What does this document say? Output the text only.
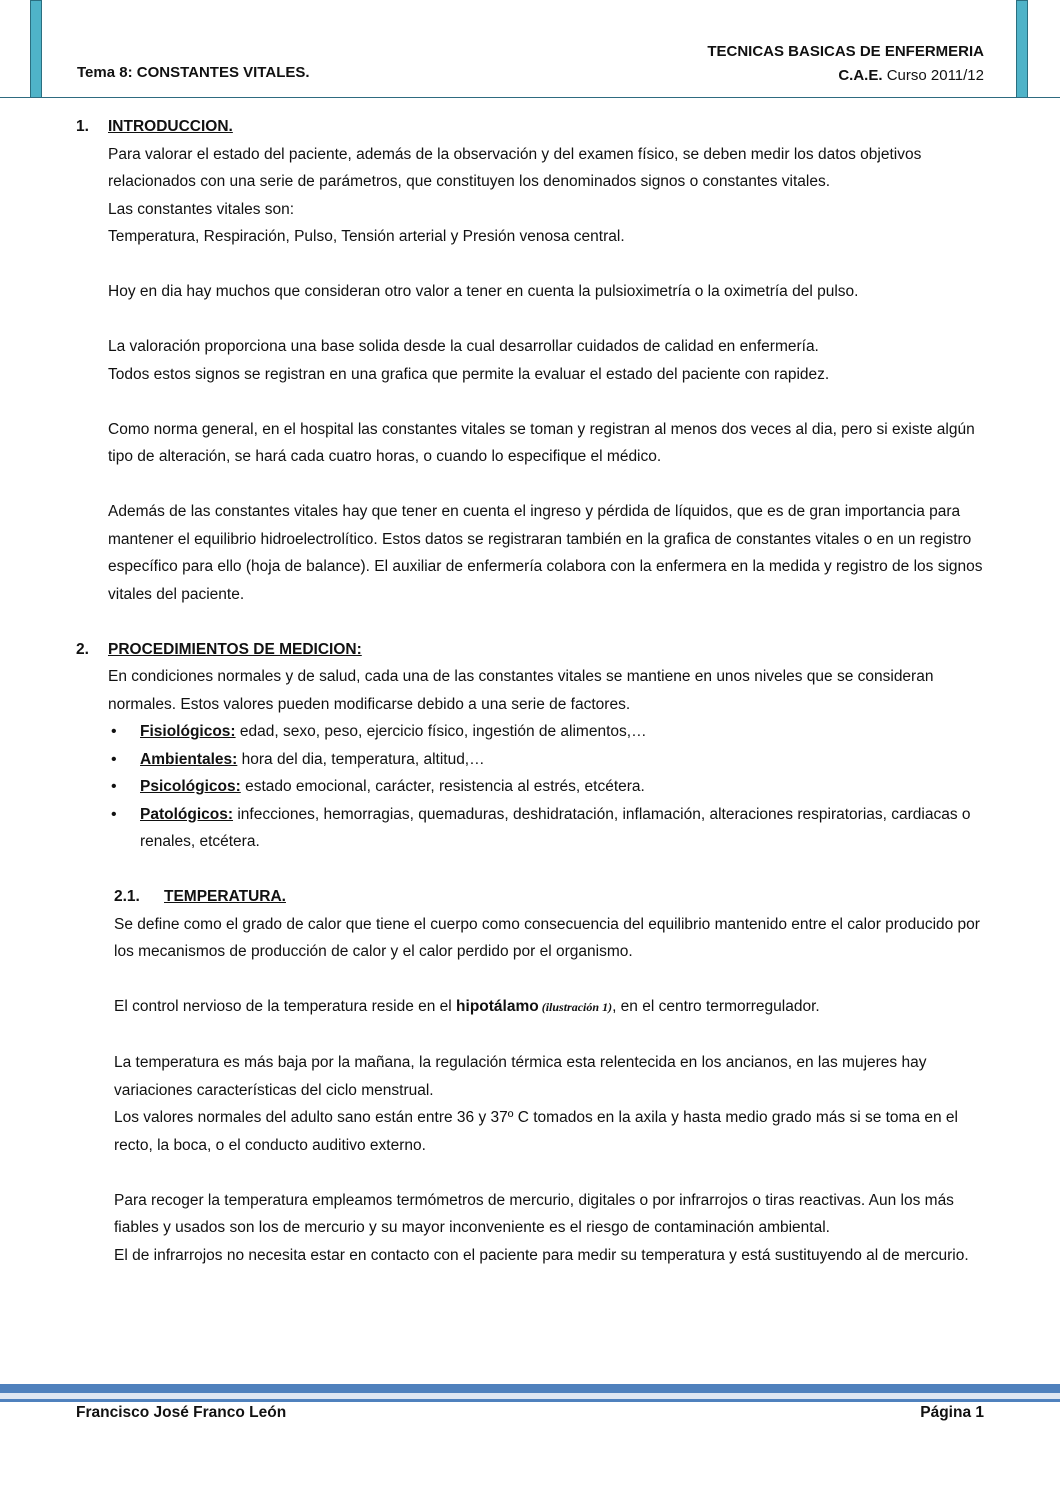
Tema 8: CONSTANTES VITALES.
TECNICAS BASICAS DE ENFERMERIA
C.A.E. Curso 2011/12
1.	INTRODUCCION.
Para valorar el estado del paciente, además de la observación y del examen físico, se deben medir los datos objetivos relacionados con una serie de parámetros, que constituyen los denominados signos o constantes vitales.
Las constantes vitales son:
Temperatura, Respiración, Pulso, Tensión arterial y Presión venosa central.
Hoy en dia hay muchos que consideran otro valor a tener en cuenta la pulsioximetría o la oximetría del pulso.
La valoración proporciona una base solida desde la cual desarrollar cuidados de calidad en enfermería.
Todos estos signos se registran en una grafica que permite la evaluar el estado del paciente con rapidez.
Como norma general, en el hospital las constantes vitales se toman y registran al menos dos veces al dia, pero si existe algún tipo de alteración, se hará cada cuatro horas, o cuando lo especifique el médico.
Además de las constantes vitales hay que tener en cuenta el ingreso y pérdida de líquidos, que es de gran importancia para mantener el equilibrio hidroelectrolítico. Estos datos se registraran también en la grafica de constantes vitales o en un registro específico para ello (hoja de balance). El auxiliar de enfermería colabora con la enfermera en la medida y registro de los signos vitales del paciente.
2.	PROCEDIMIENTOS DE MEDICION:
En condiciones normales y de salud, cada una de las constantes vitales se mantiene en unos niveles que se consideran normales. Estos valores pueden modificarse debido a una serie de factores.
• Fisiológicos: edad, sexo, peso, ejercicio físico, ingestión de alimentos,…
• Ambientales: hora del dia, temperatura, altitud,…
• Psicológicos: estado emocional, carácter, resistencia al estrés, etcétera.
• Patológicos: infecciones, hemorragias, quemaduras, deshidratación, inflamación, alteraciones respiratorias, cardiacas o renales, etcétera.
2.1.	TEMPERATURA.
Se define como el grado de calor que tiene el cuerpo como consecuencia del equilibrio mantenido entre el calor producido por los mecanismos de producción de calor y el calor perdido por el organismo.
El control nervioso de la temperatura reside en el hipotálamo (ilustración 1), en el centro termorregulador.
La temperatura es más baja por la mañana, la regulación térmica esta relentecida en los ancianos, en las mujeres hay variaciones características del ciclo menstrual.
Los valores normales del adulto sano están entre 36 y 37º C tomados en la axila y hasta medio grado más si se toma en el recto, la boca, o el conducto auditivo externo.
Para recoger la temperatura empleamos termómetros de mercurio, digitales o por infrarrojos o tiras reactivas. Aun los más fiables y usados son los de mercurio y su mayor inconveniente es el riesgo de contaminación ambiental.
El de infrarrojos no necesita estar en contacto con el paciente para medir su temperatura y está sustituyendo al de mercurio.
Francisco José Franco León	Página 1
